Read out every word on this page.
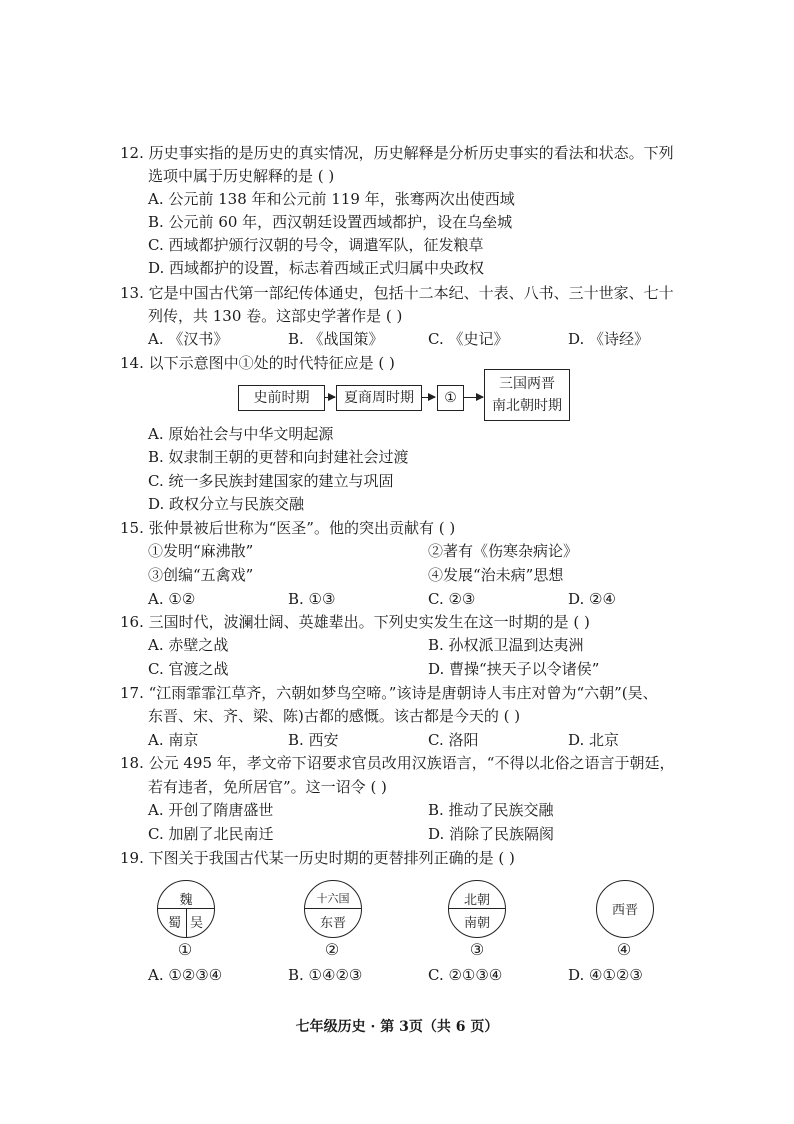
12. 历史事实指的是历史的真实情况，历史解释是分析历史事实的看法和状态。下列
选项中属于历史解释的是 ( )
A. 公元前 138 年和公元前 119 年，张骞两次出使西域
B. 公元前 60 年，西汉朝廷设置西域都护，设在乌垒城
C. 西域都护颁行汉朝的号令，调遣军队，征发粮草
D. 西域都护的设置，标志着西域正式归属中央政权
13. 它是中国古代第一部纪传体通史，包括十二本纪、十表、八书、三十世家、七十
列传，共 130 卷。这部史学著作是 ( )
A. 《汉书》	B. 《战国策》	C. 《史记》	D. 《诗经》
14. 以下示意图中①处的时代特征应是 ( )
史前时期	夏商周时期	①
三国两晋
南北朝时期
A. 原始社会与中华文明起源
B. 奴隶制王朝的更替和向封建社会过渡
C. 统一多民族封建国家的建立与巩固
D. 政权分立与民族交融
15. 张仲景被后世称为“医圣”。他的突出贡献有 ( )
①发明“麻沸散”	②著有《伤寒杂病论》
③创编“五禽戏”	④发展“治未病”思想
A. ①②	B. ①③	C. ②③	D. ②④
16. 三国时代，波澜壮阔、英雄辈出。下列史实发生在这一时期的是 ( )
A. 赤壁之战	B. 孙权派卫温到达夷洲
C. 官渡之战	D. 曹操“挟天子以令诸侯”
17. “江雨霏霏江草齐，六朝如梦鸟空啼。”该诗是唐朝诗人韦庄对曾为“六朝”(吴、
东晋、宋、齐、梁、陈)古都的感慨。该古都是今天的 ( )
A. 南京	B. 西安	C. 洛阳	D. 北京
18. 公元 495 年，孝文帝下诏要求官员改用汉族语言，“不得以北俗之语言于朝廷，
若有违者，免所居官”。这一诏令 ( )
A. 开创了隋唐盛世	B. 推动了民族交融
C. 加剧了北民南迁	D. 消除了民族隔阂
19. 下图关于我国古代某一历史时期的更替排列正确的是 ( )
魏
蜀 吴
①
十六国
东晋
②
北朝
南朝
③
西晋
④
A. ①②③④	B. ①④②③	C. ②①③④	D. ④①②③
七年级历史 · 第 3页（共 6 页）
